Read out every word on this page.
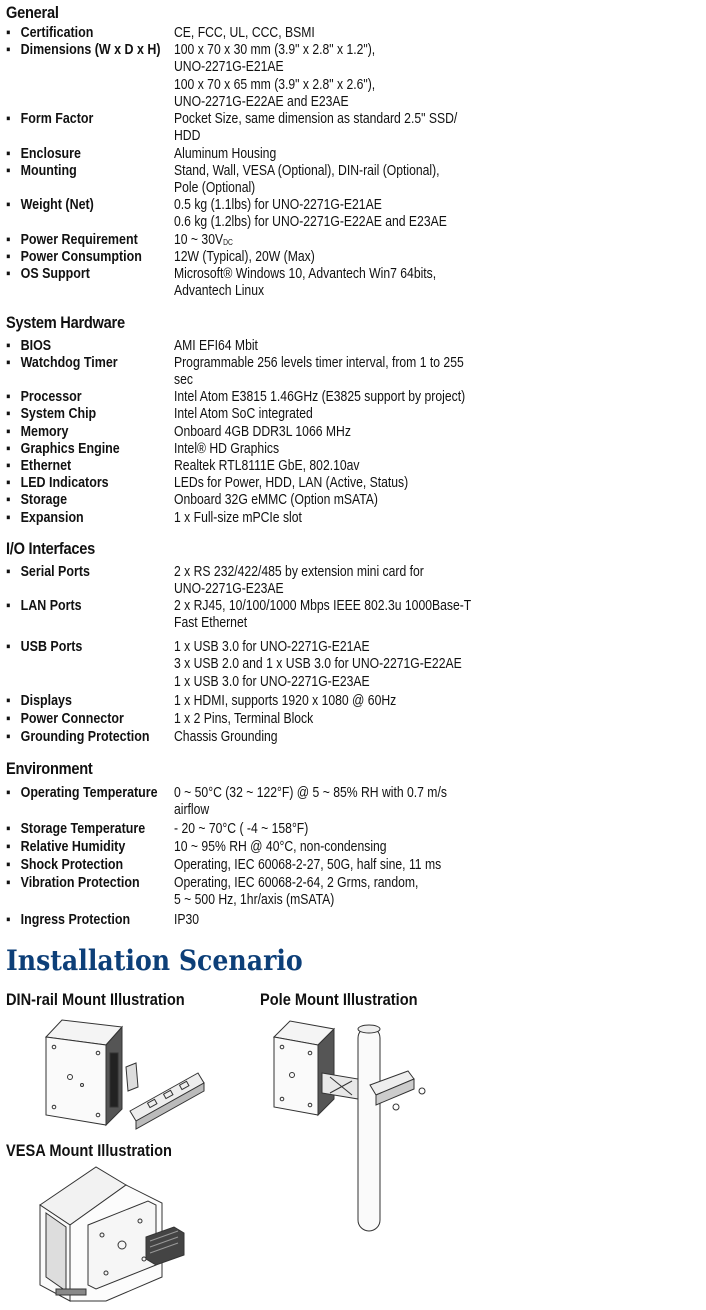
General
▪ Certification	CE, FCC, UL, CCC, BSMI
▪ Dimensions (W x D x H) 100 x 70 x 30 mm (3.9" x 2.8" x 1.2"),
UNO-2271G-E21AE
100 x 70 x 65 mm (3.9" x 2.8" x 2.6"),
UNO-2271G-E22AE and E23AE
▪ Form Factor	Pocket Size, same dimension as standard 2.5" SSD/
HDD
▪ Enclosure	Aluminum Housing
▪ Mounting	Stand, Wall, VESA (Optional), DIN-rail (Optional),
Pole (Optional)
▪ Weight (Net)	0.5 kg (1.1lbs) for UNO-2271G-E21AE
0.6 kg (1.2lbs) for UNO-2271G-E22AE and E23AE
▪ Power Requirement	10 ~ $30V_{DC}$
▪ Power Consumption	12W (Typical), 20W (Max)
▪ OS Support	Microsoft® Windows 10, Advantech Win7 64bits,
Advantech Linux
System Hardware
▪ BIOS	AMI EFI64 Mbit
▪ Watchdog Timer	Programmable 256 levels timer interval, from 1 to 255
sec
▪ Processor	Intel Atom E3815 1.46GHz (E3825 support by project)
▪ System Chip	Intel Atom SoC integrated
▪ Memory	Onboard 4GB DDR3L 1066 MHz
▪ Graphics Engine	Intel® HD Graphics
▪ Ethernet	Realtek RTL8111E GbE, 802.10av
▪ LED Indicators	LEDs for Power, HDD, LAN (Active, Status)
▪ Storage	Onboard 32G eMMC (Option mSATA)
▪ Expansion	1 x Full-size mPCIe slot
I/O Interfaces
▪ Serial Ports	2 x RS 232/422/485 by extension mini card for
UNO-2271G-E23AE
▪ LAN Ports	2 x RJ45, 10/100/1000 Mbps IEEE 802.3u 1000Base-T
Fast Ethernet
▪ USB Ports	1 x USB 3.0 for UNO-2271G-E21AE
3 x USB 2.0 and 1 x USB 3.0 for UNO-2271G-E22AE
1 x USB 3.0 for UNO-2271G-E23AE
▪ Displays	1 x HDMI, supports 1920 x 1080 @ 60Hz
▪ Power Connector	1 x 2 Pins, Terminal Block
▪ Grounding Protection	Chassis Grounding
Environment
▪ Operating Temperature 0 ~ 50°C (32 ~ 122°F) @ 5 ~ 85% RH with 0.7 m/s
airflow
▪ Storage Temperature	- 20 ~ 70°C ( -4 ~ 158°F)
▪ Relative Humidity	10 ~ 95% RH @ 40°C, non-condensing
▪ Shock Protection	Operating, IEC 60068-2-27, 50G, half sine, 11 ms
▪ Vibration Protection	Operating, IEC 60068-2-64, 2 Grms, random,
5 ~ 500 Hz, 1hr/axis (mSATA)
▪ Ingress Protection	IP30
Installation Scenario
DIN-rail Mount Illustration	Pole Mount Illustration
VESA Mount Illustration
